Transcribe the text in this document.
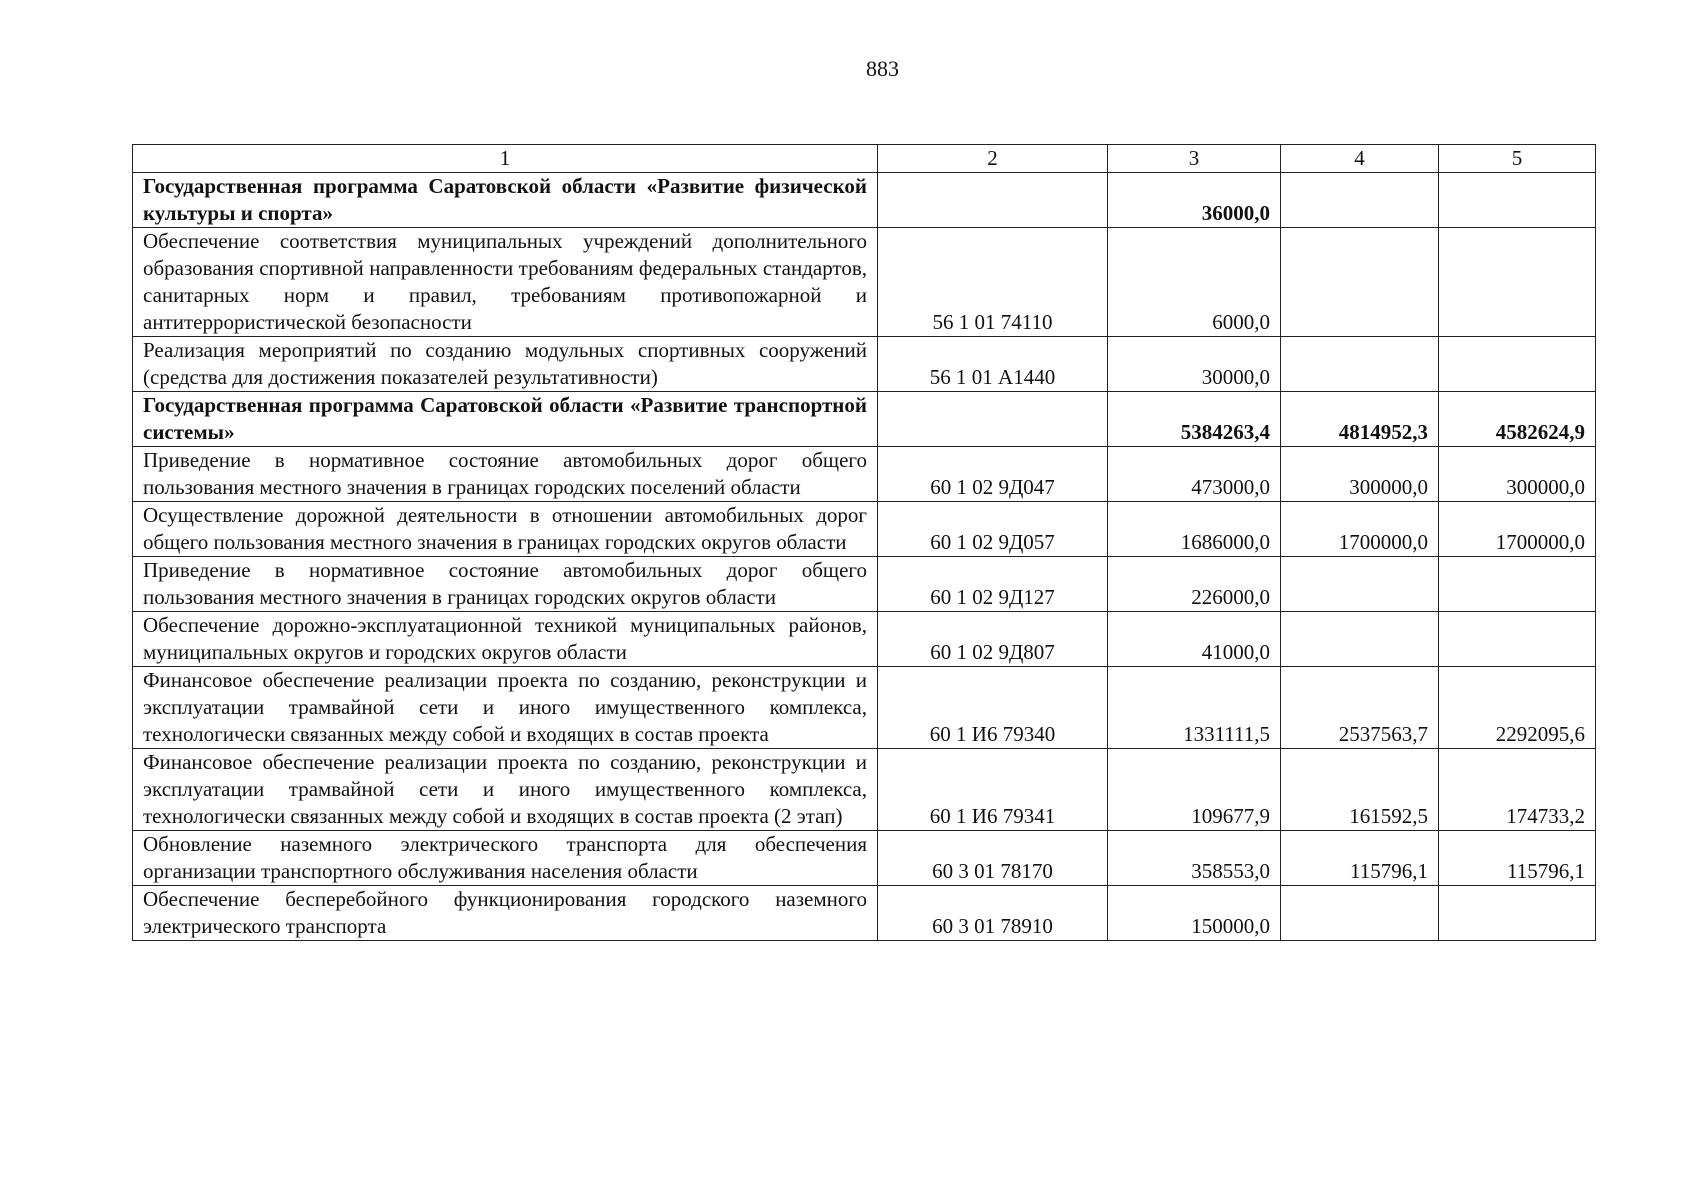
883
1	2	3	4	5
Государственная программа Саратовской области «Развитие физической культуры и спорта»		36000,0		
Обеспечение соответствия муниципальных учреждений дополнительного образования спортивной направленности требованиям федеральных стандартов, санитарных норм и правил, требованиям противопожарной и антитеррористической безопасности	56 1 01 74110	6000,0		
Реализация мероприятий по созданию модульных спортивных сооружений (средства для достижения показателей результативности)	56 1 01 А1440	30000,0		
Государственная программа Саратовской области «Развитие транспортной системы»		5384263,4	4814952,3	4582624,9
Приведение в нормативное состояние автомобильных дорог общего пользования местного значения в границах городских поселений области	60 1 02 9Д047	473000,0	300000,0	300000,0
Осуществление дорожной деятельности в отношении автомобильных дорог общего пользования местного значения в границах городских округов области	60 1 02 9Д057	1686000,0	1700000,0	1700000,0
Приведение в нормативное состояние автомобильных дорог общего пользования местного значения в границах городских округов области	60 1 02 9Д127	226000,0		
Обеспечение дорожно-эксплуатационной техникой муниципальных районов, муниципальных округов и городских округов области	60 1 02 9Д807	41000,0		
Финансовое обеспечение реализации проекта по созданию, реконструкции и эксплуатации трамвайной сети и иного имущественного комплекса, технологически связанных между собой и входящих в состав проекта	60 1 И6 79340	1331111,5	2537563,7	2292095,6
Финансовое обеспечение реализации проекта по созданию, реконструкции и эксплуатации трамвайной сети и иного имущественного комплекса, технологически связанных между собой и входящих в состав проекта (2 этап)	60 1 И6 79341	109677,9	161592,5	174733,2
Обновление наземного электрического транспорта для обеспечения организации транспортного обслуживания населения области	60 3 01 78170	358553,0	115796,1	115796,1
Обеспечение бесперебойного функционирования городского наземного электрического транспорта	60 3 01 78910	150000,0		
